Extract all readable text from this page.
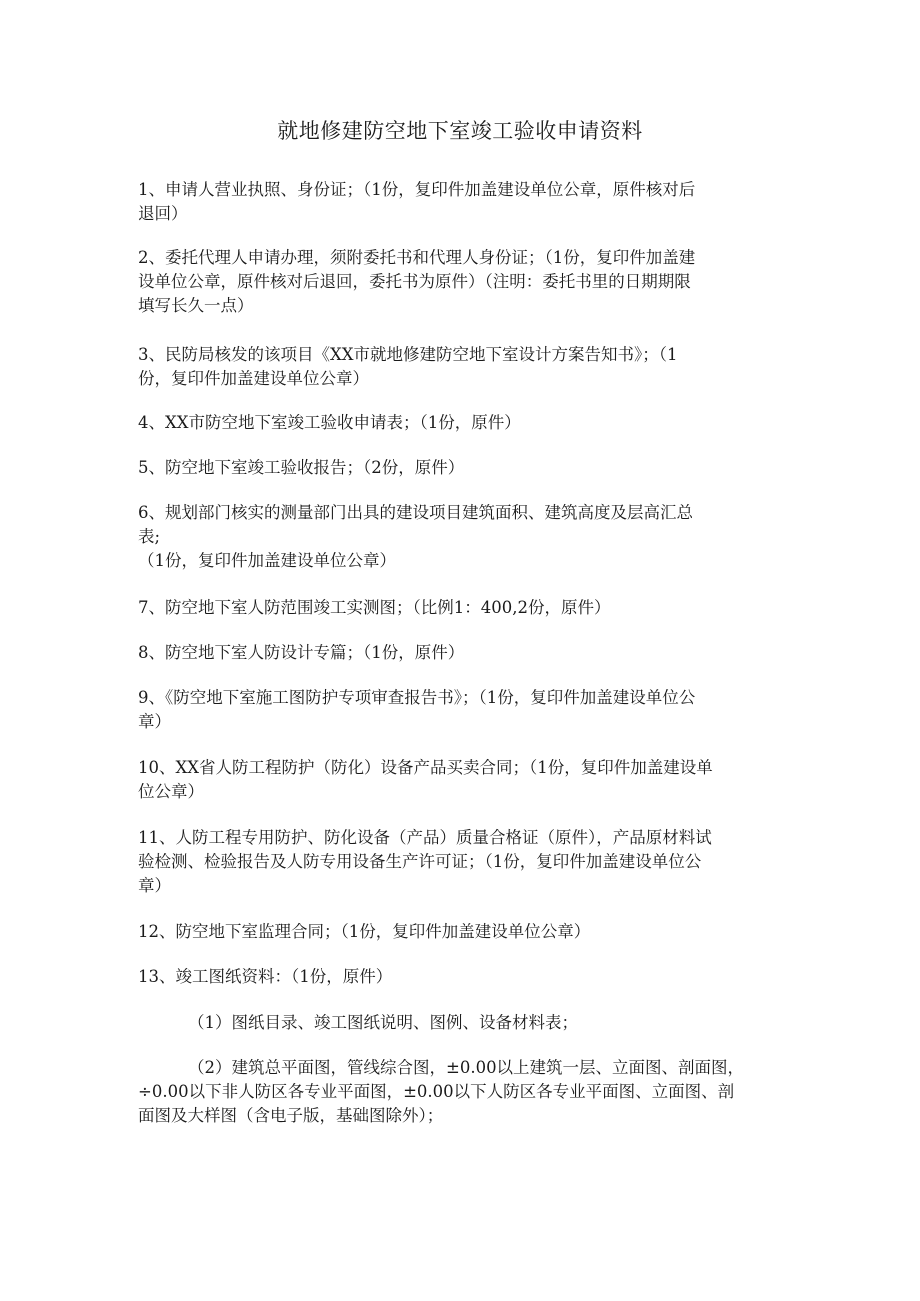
就地修建防空地下室竣工验收申请资料
1、申请人营业执照、身份证；（1份，复印件加盖建设单位公章，原件核对后
退回）
2、委托代理人申请办理，须附委托书和代理人身份证；（1份，复印件加盖建
设单位公章，原件核对后退回，委托书为原件）（注明：委托书里的日期期限
填写长久一点）
3、民防局核发的该项目《XX市就地修建防空地下室设计方案告知书》；（1
份，复印件加盖建设单位公章）
4、XX市防空地下室竣工验收申请表；（1份，原件）
5、防空地下室竣工验收报告；（2份，原件）
6、规划部门核实的测量部门出具的建设项目建筑面积、建筑高度及层高汇总
表;
（1份，复印件加盖建设单位公章）
7、防空地下室人防范围竣工实测图；（比例1：400,2份，原件）
8、防空地下室人防设计专篇；（1份，原件）
9、《防空地下室施工图防护专项审查报告书》；（1份，复印件加盖建设单位公
章）
10、XX省人防工程防护（防化）设备产品买卖合同；（1份，复印件加盖建设单
位公章）
11、人防工程专用防护、防化设备（产品）质量合格证（原件），产品原材料试
验检测、检验报告及人防专用设备生产许可证；（1份，复印件加盖建设单位公
章）
12、防空地下室监理合同；（1份，复印件加盖建设单位公章）
13、竣工图纸资料：（1份，原件）
（1）图纸目录、竣工图纸说明、图例、设备材料表；
（2）建筑总平面图，管线综合图，±0.00以上建筑一层、立面图、剖面图，
÷0.00以下非人防区各专业平面图，±0.00以下人防区各专业平面图、立面图、剖
面图及大样图（含电子版，基础图除外）；
